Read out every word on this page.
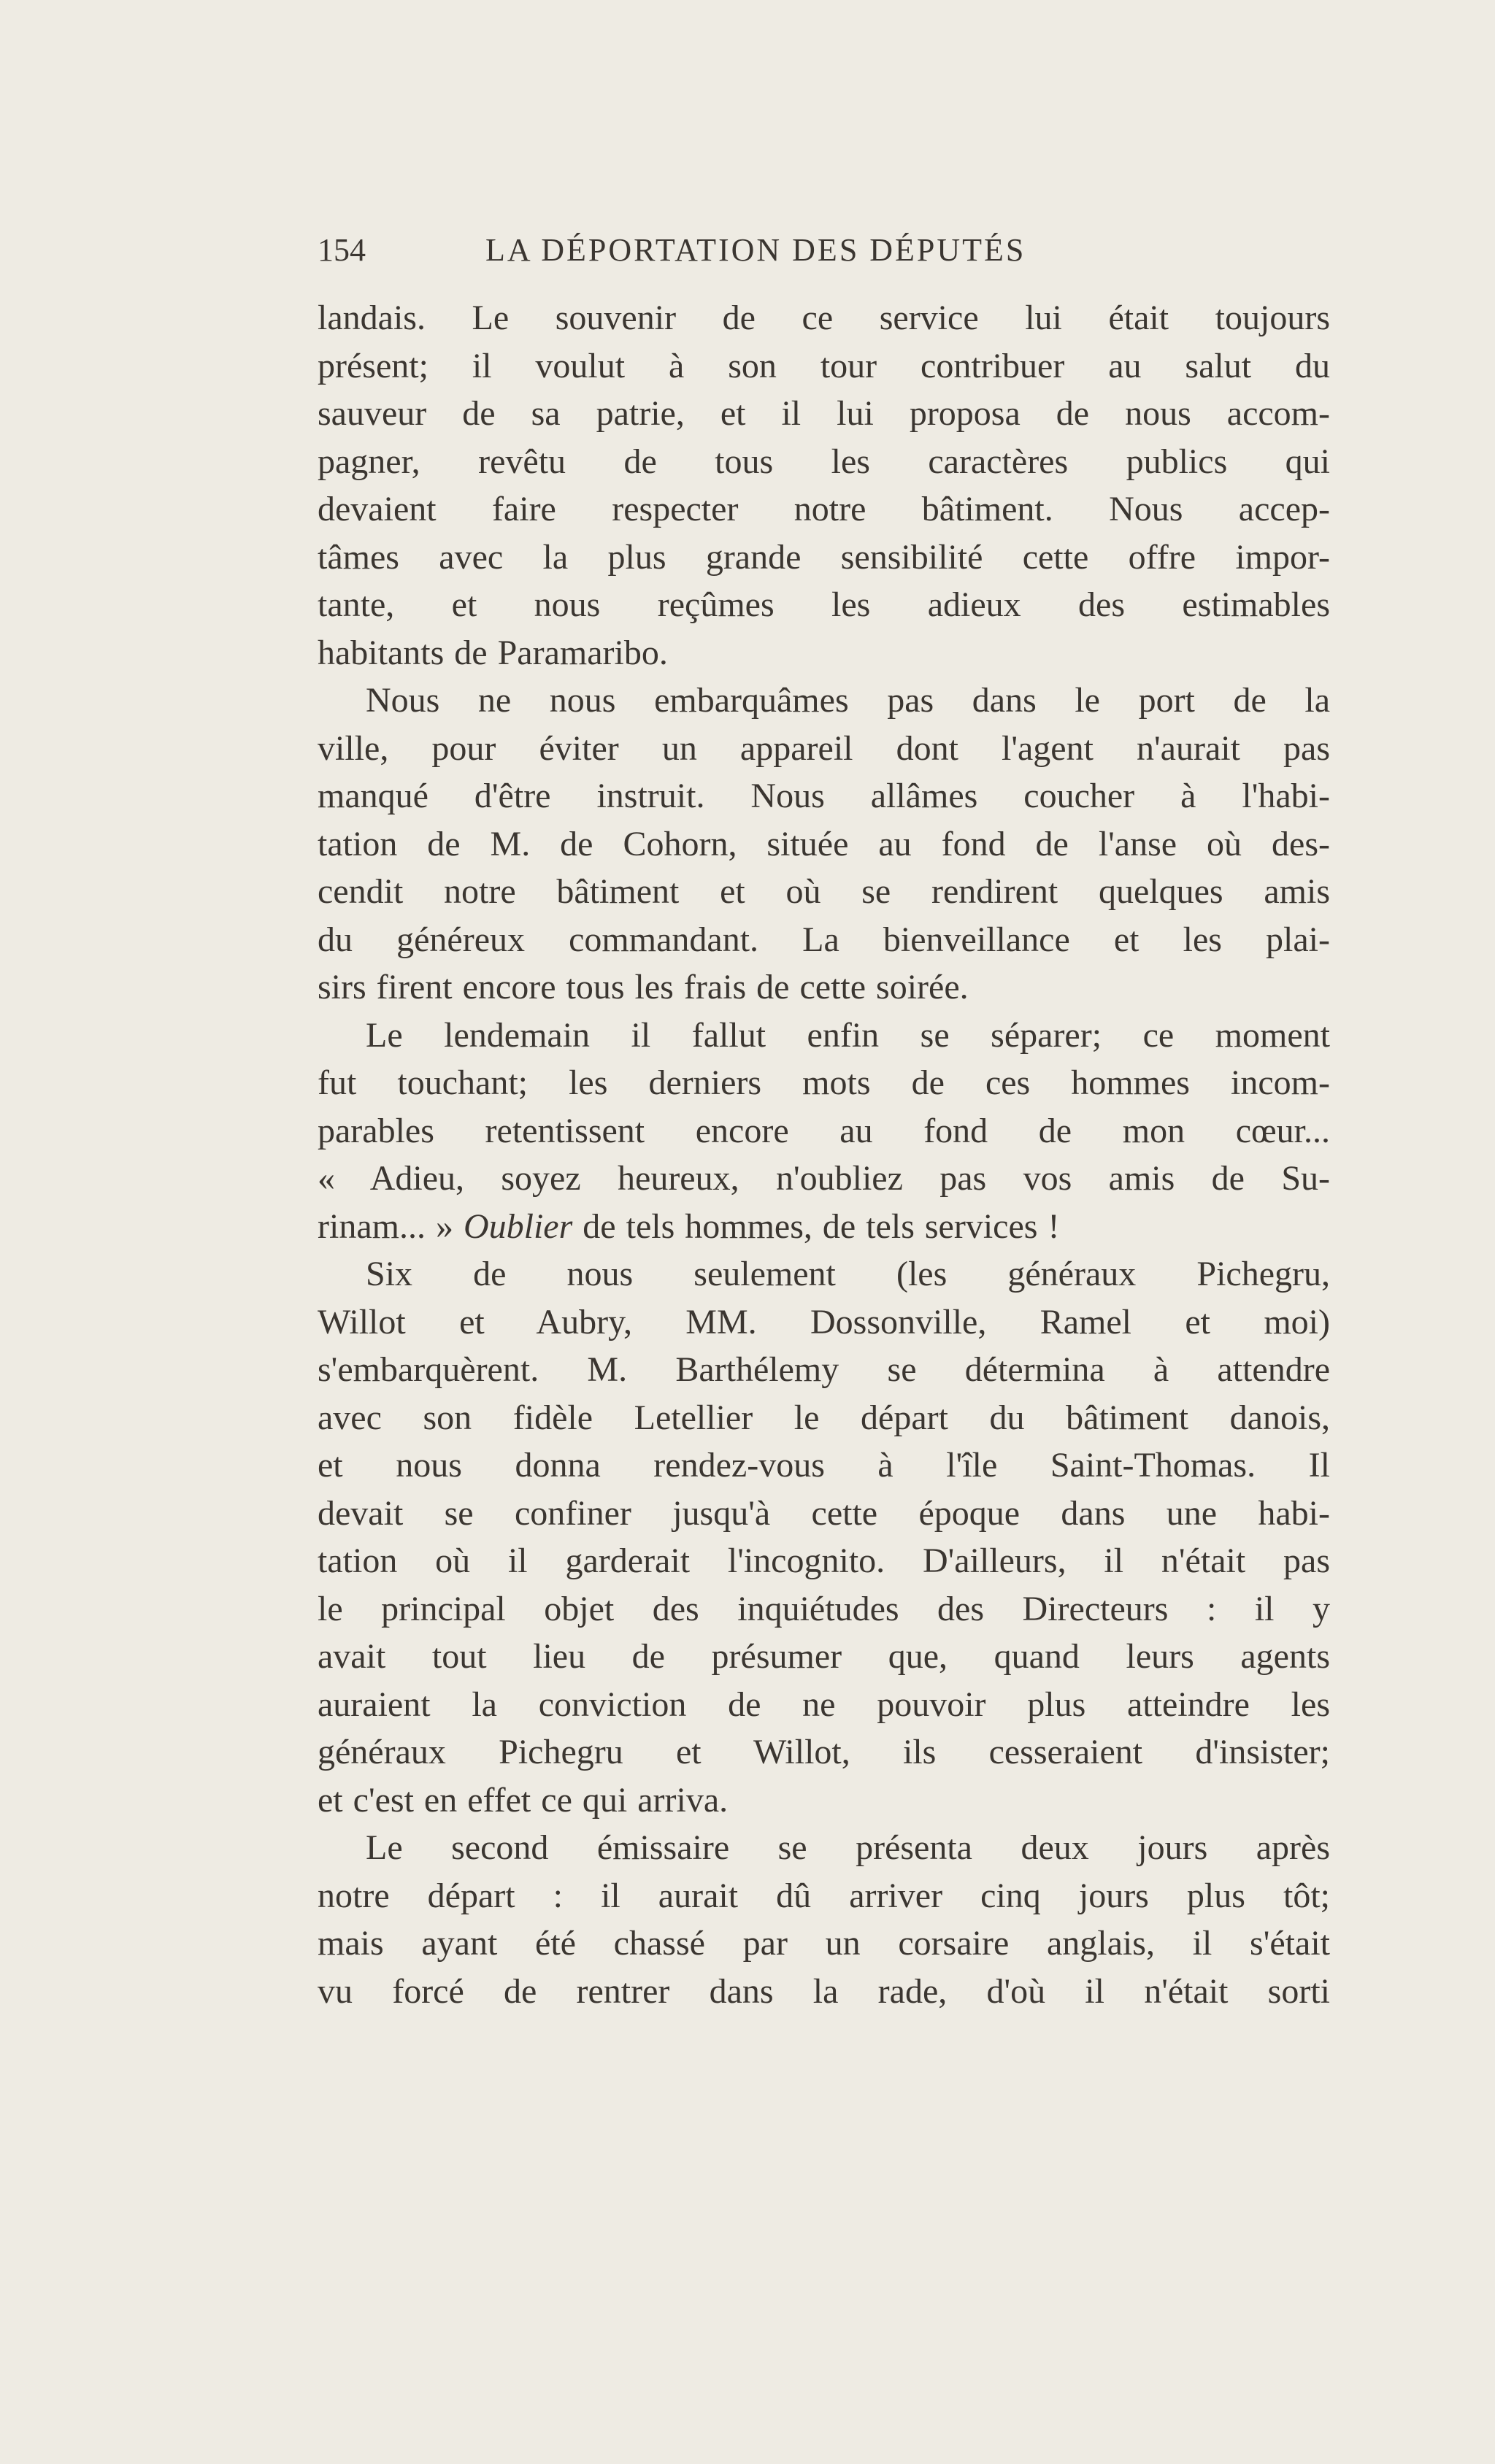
154	LA DÉPORTATION DES DÉPUTÉS
landais. Le souvenir de ce service lui était toujours
présent; il voulut à son tour contribuer au salut du
sauveur de sa patrie, et il lui proposa de nous accom-
pagner, revêtu de tous les caractères publics qui
devaient faire respecter notre bâtiment. Nous accep-
tâmes avec la plus grande sensibilité cette offre impor-
tante, et nous reçûmes les adieux des estimables
habitants de Paramaribo.
Nous ne nous embarquâmes pas dans le port de la
ville, pour éviter un appareil dont l'agent n'aurait pas
manqué d'être instruit. Nous allâmes coucher à l'habi-
tation de M. de Cohorn, située au fond de l'anse où des-
cendit notre bâtiment et où se rendirent quelques amis
du généreux commandant. La bienveillance et les plai-
sirs firent encore tous les frais de cette soirée.
Le lendemain il fallut enfin se séparer; ce moment
fut touchant; les derniers mots de ces hommes incom-
parables retentissent encore au fond de mon cœur...
« Adieu, soyez heureux, n'oubliez pas vos amis de Su-
rinam... » Oublier de tels hommes, de tels services !
Six de nous seulement (les généraux Pichegru,
Willot et Aubry, MM. Dossonville, Ramel et moi)
s'embarquèrent. M. Barthélemy se détermina à attendre
avec son fidèle Letellier le départ du bâtiment danois,
et nous donna rendez-vous à l'île Saint-Thomas. Il
devait se confiner jusqu'à cette époque dans une habi-
tation où il garderait l'incognito. D'ailleurs, il n'était pas
le principal objet des inquiétudes des Directeurs : il y
avait tout lieu de présumer que, quand leurs agents
auraient la conviction de ne pouvoir plus atteindre les
généraux Pichegru et Willot, ils cesseraient d'insister;
et c'est en effet ce qui arriva.
Le second émissaire se présenta deux jours après
notre départ : il aurait dû arriver cinq jours plus tôt;
mais ayant été chassé par un corsaire anglais, il s'était
vu forcé de rentrer dans la rade, d'où il n'était sorti
